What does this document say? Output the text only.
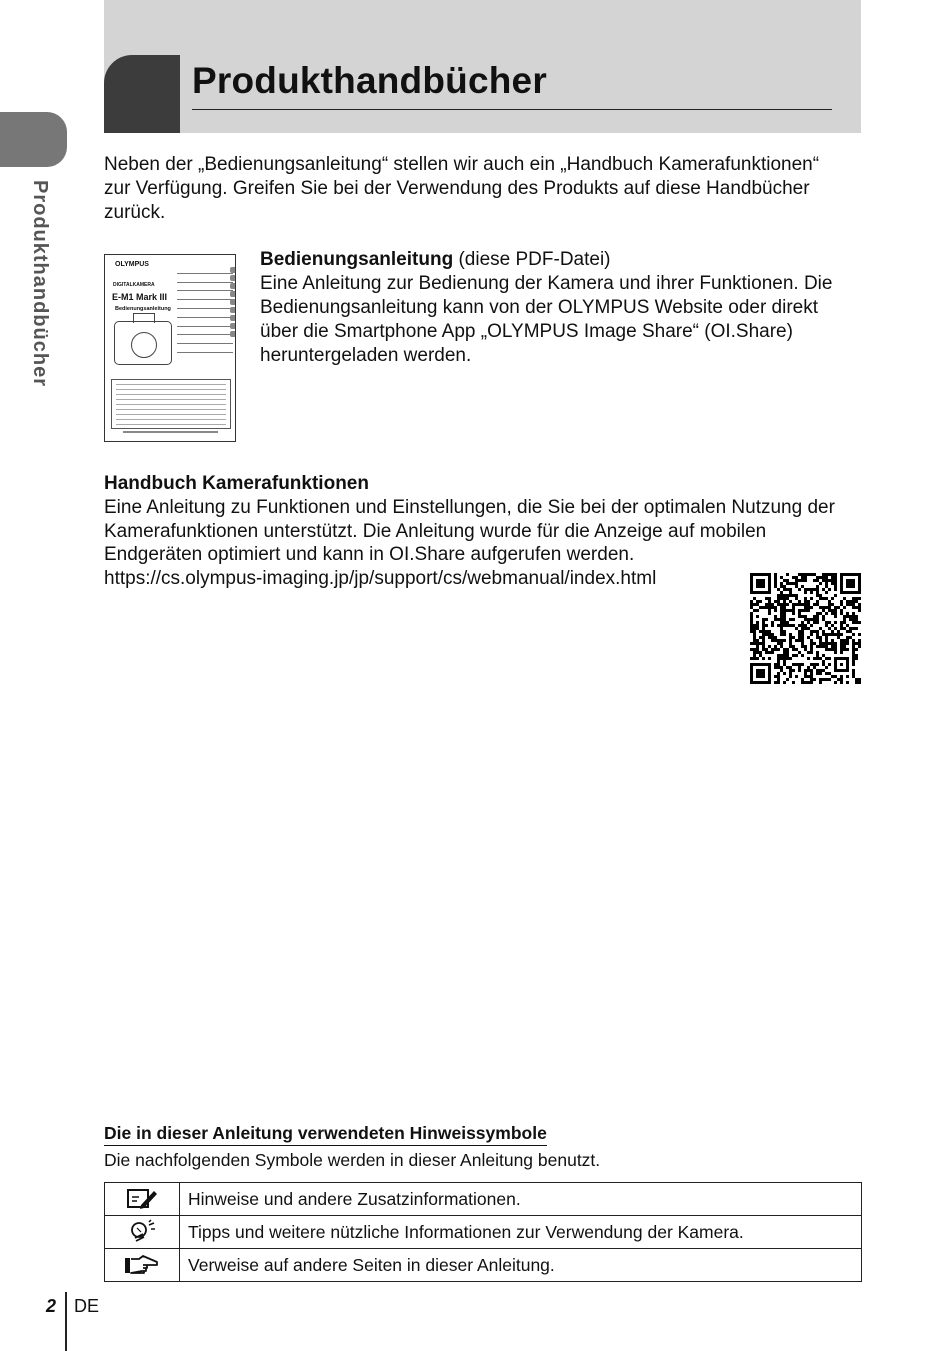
Produkthandbücher
Produkthandbücher

Neben der „Bedienungsanleitung“ stellen wir auch ein „Handbuch Kamerafunktionen“ zur Verfügung. Greifen Sie bei der Verwendung des Produkts auf diese Handbücher zurück.

OLYMPUS
DIGITALKAMERA
E-M1 Mark III
Bedienungsanleitung

Bedienungsanleitung (diese PDF-Datei)

Eine Anleitung zur Bedienung der Kamera und ihrer Funktionen. Die Bedienungsanleitung kann von der OLYMPUS Website oder direkt über die Smartphone App „OLYMPUS Image Share“ (OI.Share) heruntergeladen werden.

Handbuch Kamerafunktionen

Eine Anleitung zu Funktionen und Einstellungen, die Sie bei der optimalen Nutzung der Kamerafunktionen unterstützt. Die Anleitung wurde für die Anzeige auf mobilen Endgeräten optimiert und kann in OI.Share aufgerufen werden.

https://cs.olympus-imaging.jp/jp/support/cs/webmanual/index.html

Die in dieser Anleitung verwendeten Hinweissymbole

Die nachfolgenden Symbole werden in dieser Anleitung benutzt.

	Hinweise und andere Zusatzinformationen.

	Tipps und weitere nützliche Informationen zur Verwendung der Kamera.

	Verweise auf andere Seiten in dieser Anleitung.
2 DE
